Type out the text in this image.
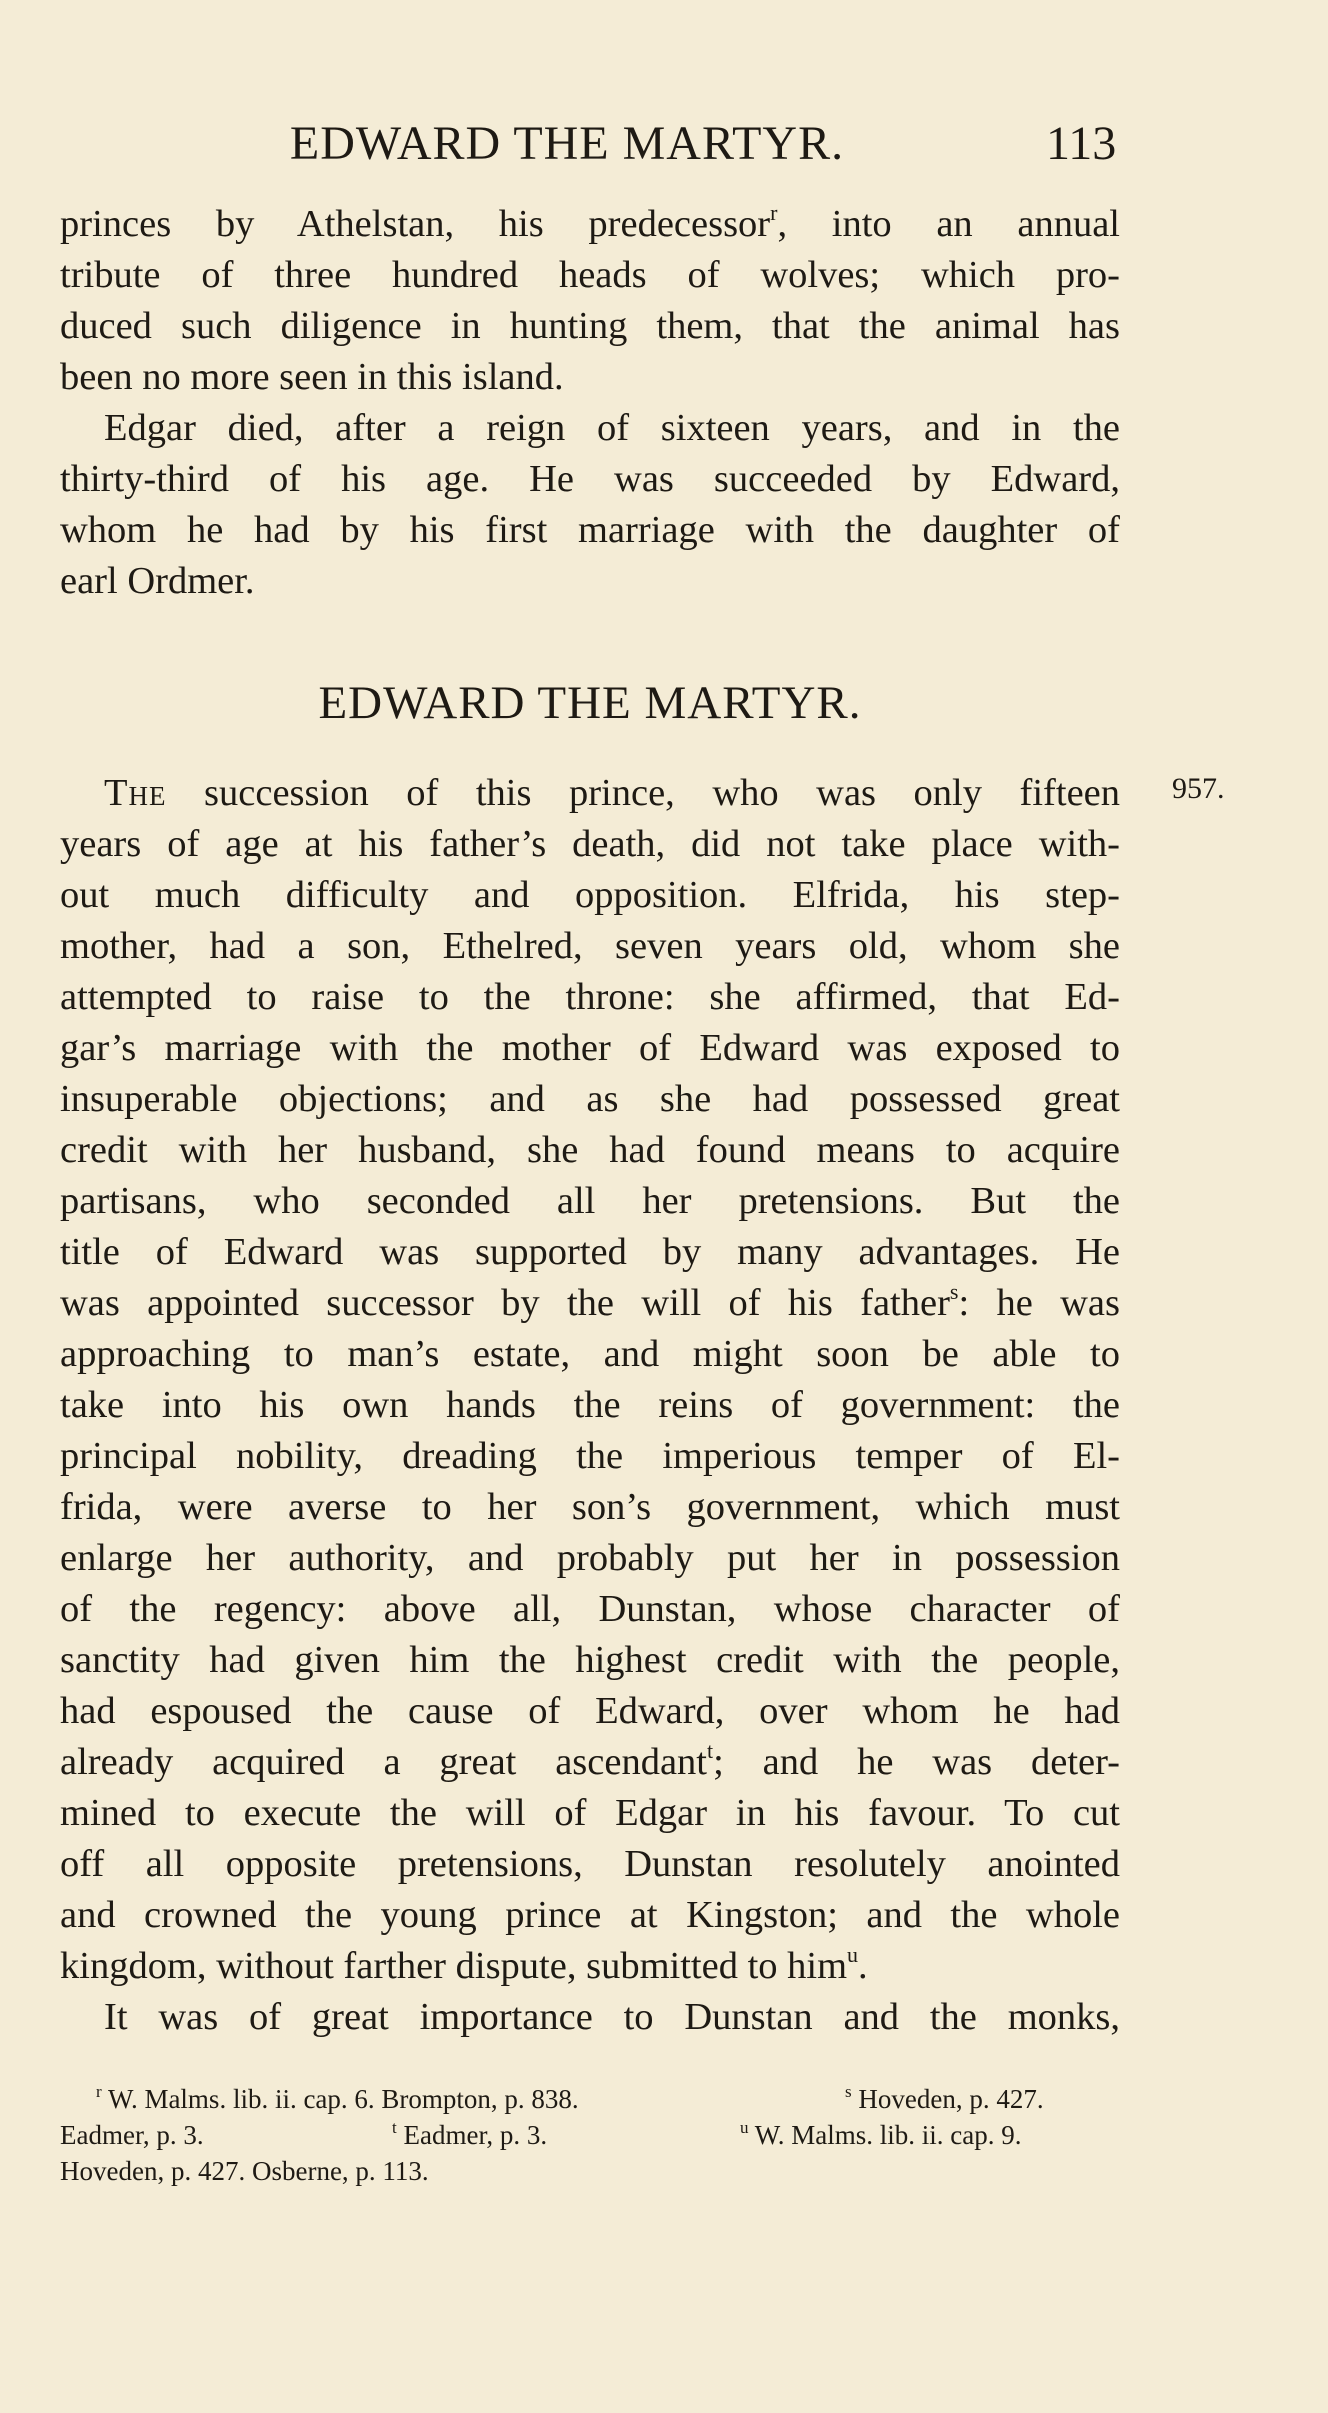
EDWARD THE MARTYR.	113
princes by Athelstan, his predecessor$^r$, into an annual
tribute of three hundred heads of wolves; which pro-
duced such diligence in hunting them, that the animal has
been no more seen in this island.
Edgar died, after a reign of sixteen years, and in the
thirty-third of his age. He was succeeded by Edward,
whom he had by his first marriage with the daughter of
earl Ordmer.
EDWARD THE MARTYR.
957.
The succession of this prince, who was only fifteen
years of age at his father’s death, did not take place with-
out much difficulty and opposition. Elfrida, his step-
mother, had a son, Ethelred, seven years old, whom she
attempted to raise to the throne: she affirmed, that Ed-
gar’s marriage with the mother of Edward was exposed to
insuperable objections; and as she had possessed great
credit with her husband, she had found means to acquire
partisans, who seconded all her pretensions. But the
title of Edward was supported by many advantages. He
was appointed successor by the will of his father$^s$: he was
approaching to man’s estate, and might soon be able to
take into his own hands the reins of government: the
principal nobility, dreading the imperious temper of El-
frida, were averse to her son’s government, which must
enlarge her authority, and probably put her in possession
of the regency: above all, Dunstan, whose character of
sanctity had given him the highest credit with the people,
had espoused the cause of Edward, over whom he had
already acquired a great ascendant$^t$; and he was deter-
mined to execute the will of Edgar in his favour. To cut
off all opposite pretensions, Dunstan resolutely anointed
and crowned the young prince at Kingston; and the whole
kingdom, without farther dispute, submitted to him$^u$.
It was of great importance to Dunstan and the monks,
$^r$ W. Malms. lib. ii. cap. 6. Brompton, p. 838.	$^s$ Hoveden, p. 427.
Eadmer, p. 3.	$^t$ Eadmer, p. 3.	$^u$ W. Malms. lib. ii. cap. 9.
Hoveden, p. 427. Osberne, p. 113.
